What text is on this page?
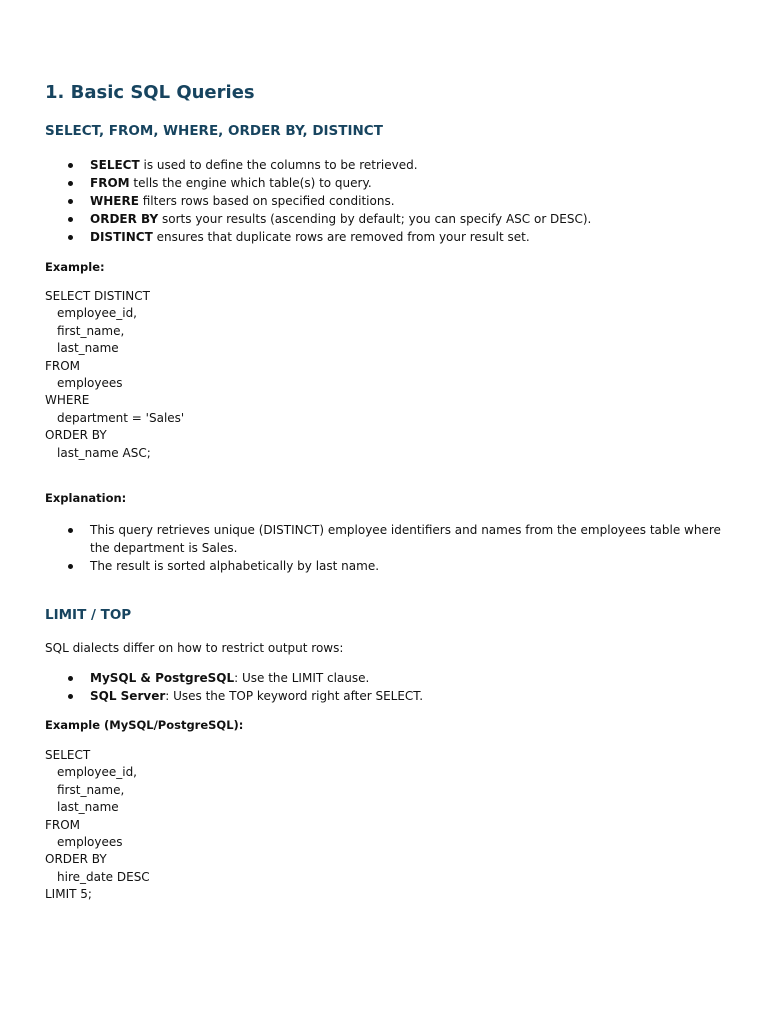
1. Basic SQL Queries
SELECT, FROM, WHERE, ORDER BY, DISTINCT
SELECT is used to define the columns to be retrieved.
FROM tells the engine which table(s) to query.
WHERE filters rows based on specified conditions.
ORDER BY sorts your results (ascending by default; you can specify ASC or DESC).
DISTINCT ensures that duplicate rows are removed from your result set.
Example:
SELECT DISTINCT
employee_id,
first_name,
last_name
FROM
employees
WHERE
department = 'Sales'
ORDER BY
last_name ASC;
Explanation:
This query retrieves unique (DISTINCT) employee identifiers and names from the employees table where the department is Sales.
The result is sorted alphabetically by last name.
LIMIT / TOP
SQL dialects differ on how to restrict output rows:
MySQL & PostgreSQL: Use the LIMIT clause.
SQL Server: Uses the TOP keyword right after SELECT.
Example (MySQL/PostgreSQL):
SELECT
employee_id,
first_name,
last_name
FROM
employees
ORDER BY
hire_date DESC
LIMIT 5;
